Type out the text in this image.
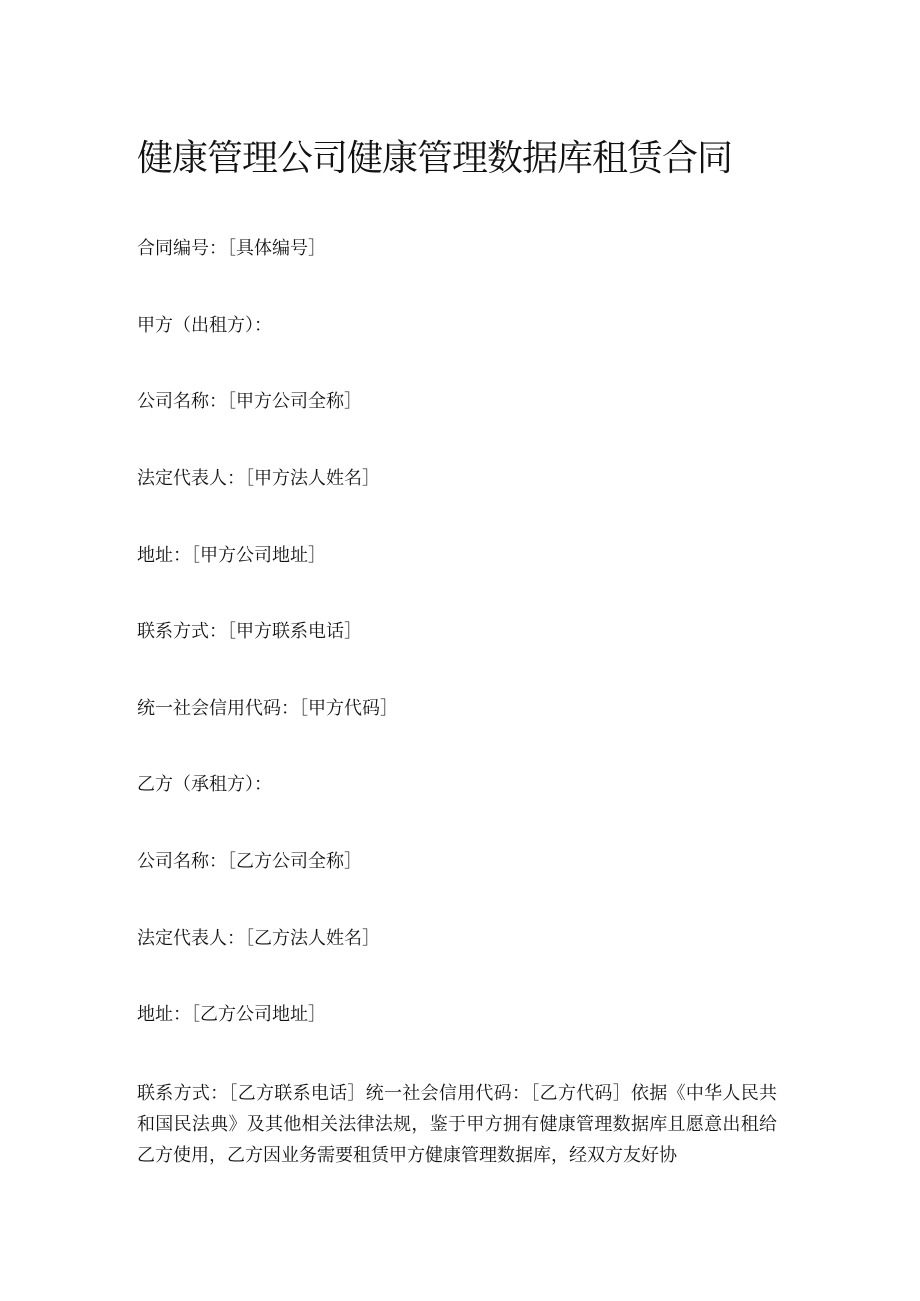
健康管理公司健康管理数据库租赁合同

合同编号：［具体编号］

甲方（出租方）：

公司名称：［甲方公司全称］

法定代表人：［甲方法人姓名］

地址：［甲方公司地址］

联系方式：［甲方联系电话］

统一社会信用代码：［甲方代码］

乙方（承租方）：

公司名称：［乙方公司全称］

法定代表人：［乙方法人姓名］

地址：［乙方公司地址］

联系方式：［乙方联系电话］统一社会信用代码：［乙方代码］依据《中华人民共和国民法典》及其他相关法律法规，鉴于甲方拥有健康管理数据库且愿意出租给乙方使用，乙方因业务需要租赁甲方健康管理数据库，经双方友好协
